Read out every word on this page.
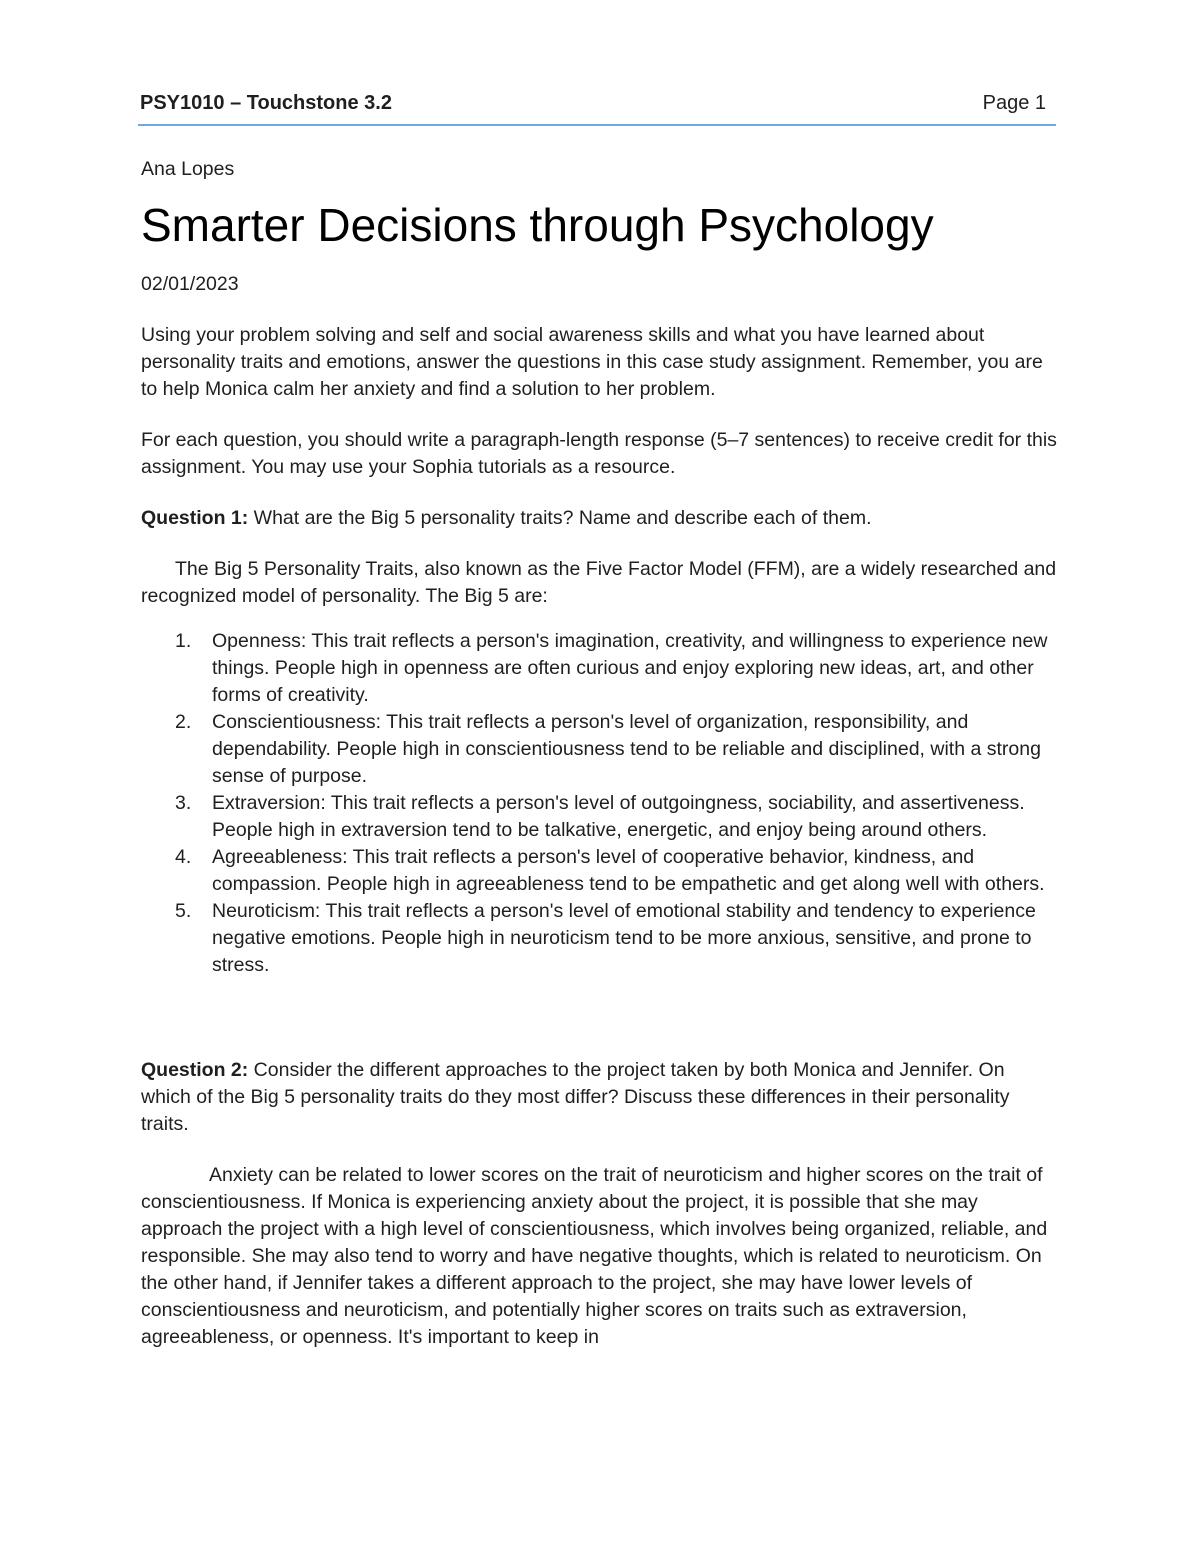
PSY1010 – Touchstone 3.2	Page 1
Ana Lopes
Smarter Decisions through Psychology
02/01/2023

Using your problem solving and self and social awareness skills and what you have learned about personality traits and emotions, answer the questions in this case study assignment. Remember, you are to help Monica calm her anxiety and find a solution to her problem.

For each question, you should write a paragraph-length response (5–7 sentences) to receive credit for this assignment. You may use your Sophia tutorials as a resource.

Question 1: What are the Big 5 personality traits? Name and describe each of them.

The Big 5 Personality Traits, also known as the Five Factor Model (FFM), are a widely researched and recognized model of personality. The Big 5 are:

1. Openness: This trait reflects a person's imagination, creativity, and willingness to experience new things. People high in openness are often curious and enjoy exploring new ideas, art, and other forms of creativity.
2. Conscientiousness: This trait reflects a person's level of organization, responsibility, and dependability. People high in conscientiousness tend to be reliable and disciplined, with a strong sense of purpose.
3. Extraversion: This trait reflects a person's level of outgoingness, sociability, and assertiveness. People high in extraversion tend to be talkative, energetic, and enjoy being around others.
4. Agreeableness: This trait reflects a person's level of cooperative behavior, kindness, and compassion. People high in agreeableness tend to be empathetic and get along well with others.
5. Neuroticism: This trait reflects a person's level of emotional stability and tendency to experience negative emotions. People high in neuroticism tend to be more anxious, sensitive, and prone to stress.

Question 2: Consider the different approaches to the project taken by both Monica and Jennifer. On which of the Big 5 personality traits do they most differ? Discuss these differences in their personality traits.

Anxiety can be related to lower scores on the trait of neuroticism and higher scores on the trait of conscientiousness. If Monica is experiencing anxiety about the project, it is possible that she may approach the project with a high level of conscientiousness, which involves being organized, reliable, and responsible. She may also tend to worry and have negative thoughts, which is related to neuroticism. On the other hand, if Jennifer takes a different approach to the project, she may have lower levels of conscientiousness and neuroticism, and potentially higher scores on traits such as extraversion, agreeableness, or openness. It's important to keep in
